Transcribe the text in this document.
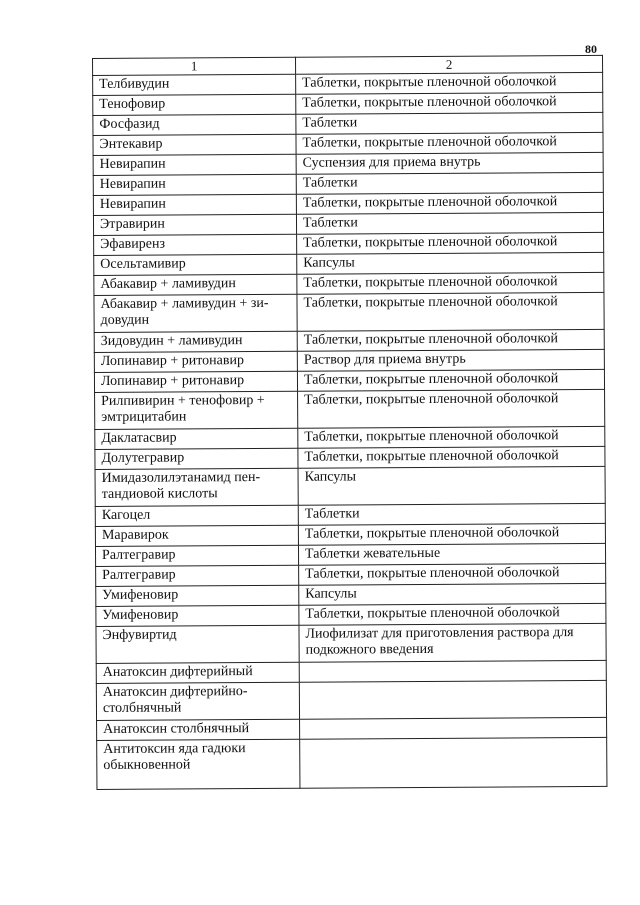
80
1	2
Телбивудин	Таблетки, покрытые пленочной оболочкой
Тенофовир	Таблетки, покрытые пленочной оболочкой
Фосфазид	Таблетки
Энтекавир	Таблетки, покрытые пленочной оболочкой
Невирапин	Суспензия для приема внутрь
Невирапин	Таблетки
Невирапин	Таблетки, покрытые пленочной оболочкой
Этравирин	Таблетки
Эфавиренз	Таблетки, покрытые пленочной оболочкой
Осельтамивир	Капсулы
Абакавир + ламивудин	Таблетки, покрытые пленочной оболочкой
Абакавир + ламивудин + зи-довудин	Таблетки, покрытые пленочной оболочкой
Зидовудин + ламивудин	Таблетки, покрытые пленочной оболочкой
Лопинавир + ритонавир	Раствор для приема внутрь
Лопинавир + ритонавир	Таблетки, покрытые пленочной оболочкой
Рилпивирин + тенофовир + эмтрицитабин	Таблетки, покрытые пленочной оболочкой
Даклатасвир	Таблетки, покрытые пленочной оболочкой
Долутегравир	Таблетки, покрытые пленочной оболочкой
Имидазолилэтанамид пен-тандиовой кислоты	Капсулы
Кагоцел	Таблетки
Маравирок	Таблетки, покрытые пленочной оболочкой
Ралтегравир	Таблетки жевательные
Ралтегравир	Таблетки, покрытые пленочной оболочкой
Умифеновир	Капсулы
Умифеновир	Таблетки, покрытые пленочной оболочкой
Энфувиртид	Лиофилизат для приготовления раствора для подкожного введения
Анатоксин дифтерийный	
Анатоксин дифтерийно-столбнячный	
Анатоксин столбнячный	
Антитоксин яда гадюки обыкновенной	
